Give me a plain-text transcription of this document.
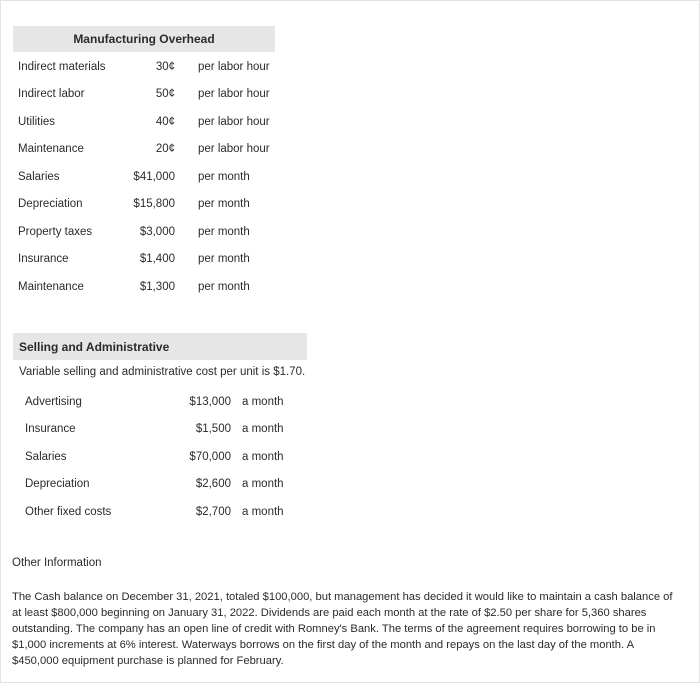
Manufacturing Overhead
Indirect materials	30¢ per labor hour
Indirect labor	50¢ per labor hour
Utilities	40¢ per labor hour
Maintenance	20¢ per labor hour
Salaries	$41,000 per month
Depreciation	$15,800 per month
Property taxes	$3,000 per month
Insurance	$1,400 per month
Maintenance	$1,300 per month
Selling and Administrative
Variable selling and administrative cost per unit is $1.70.
Advertising	$13,000 a month
Insurance	$1,500 a month
Salaries	$70,000 a month
Depreciation	$2,600 a month
Other fixed costs	$2,700 a month
Other Information

The Cash balance on December 31, 2021, totaled $100,000, but management has decided it would like to maintain a cash balance of at least $800,000 beginning on January 31, 2022. Dividends are paid each month at the rate of $2.50 per share for 5,360 shares outstanding. The company has an open line of credit with Romney's Bank. The terms of the agreement requires borrowing to be in $1,000 increments at 6% interest. Waterways borrows on the first day of the month and repays on the last day of the month. A $450,000 equipment purchase is planned for February.
